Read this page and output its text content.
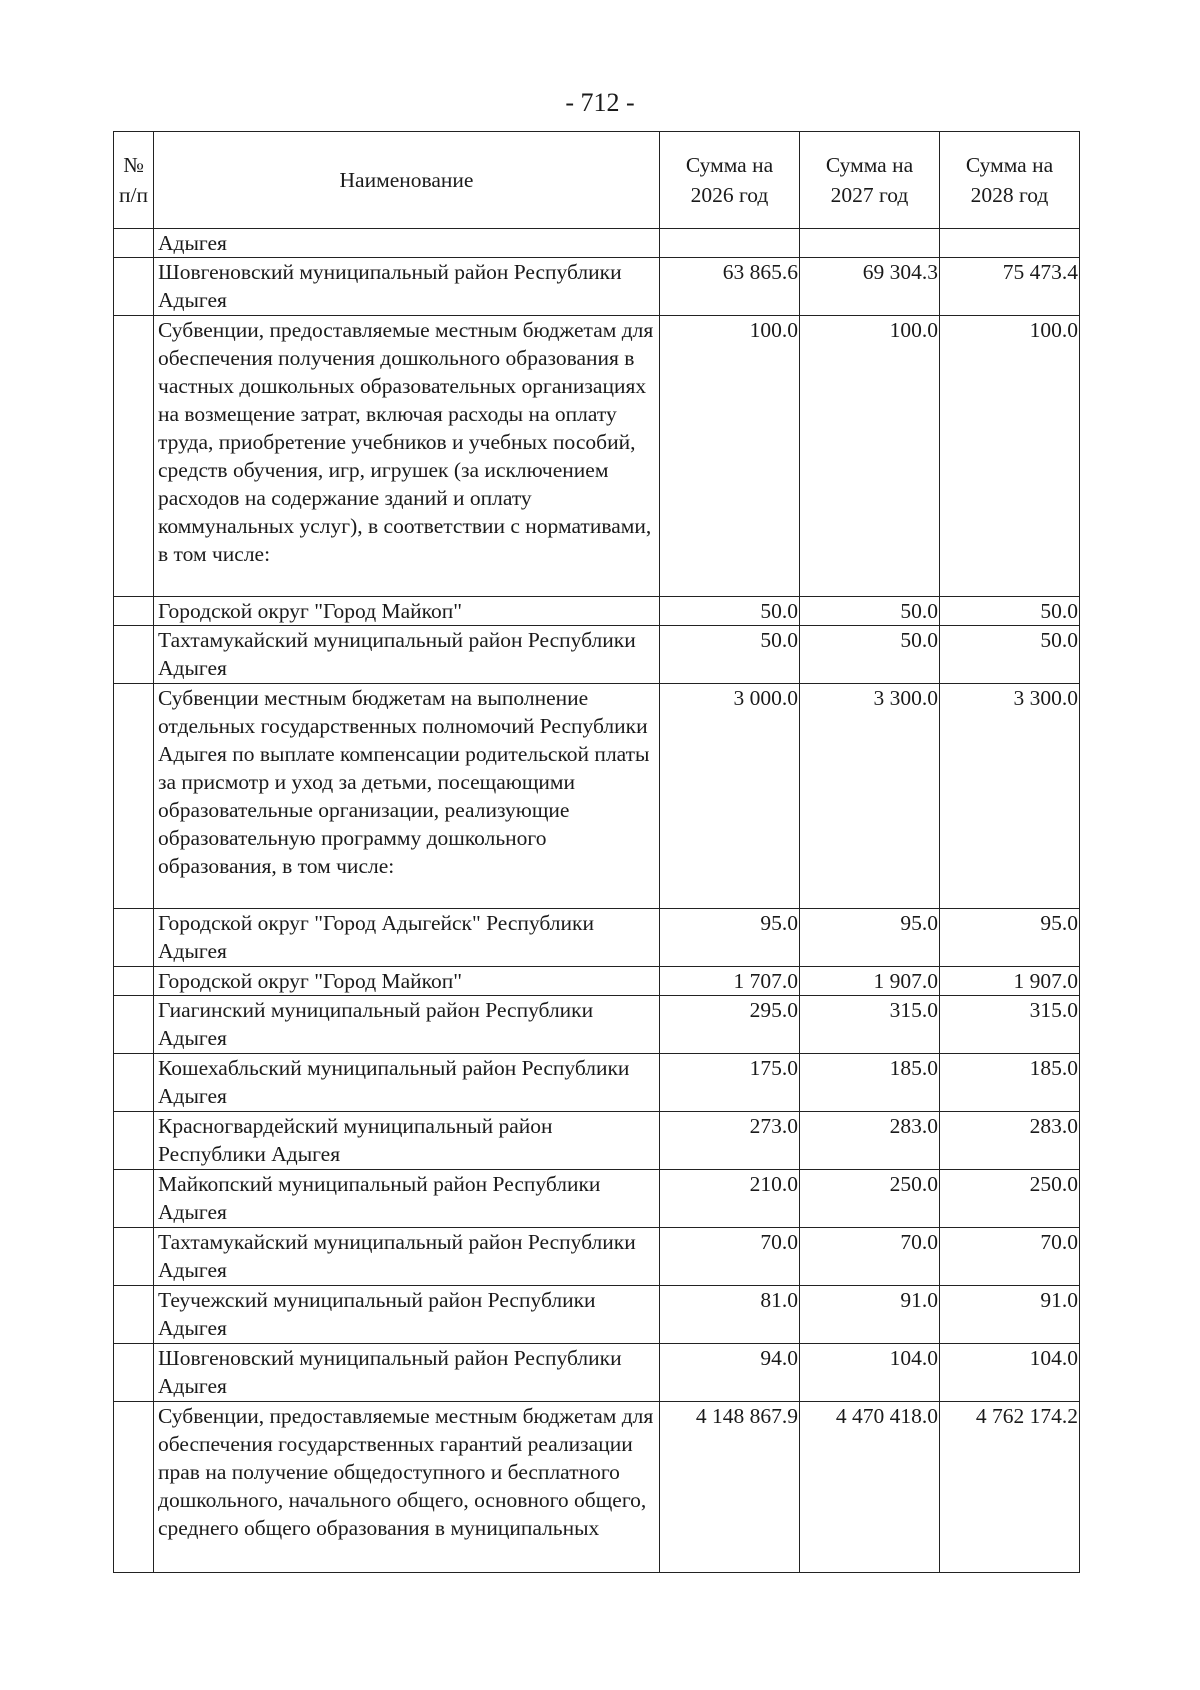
- 712 -
№ п/п	Наименование	Сумма на 2026 год	Сумма на 2027 год	Сумма на 2028 год
	Адыгея			
	Шовгеновский муниципальный район Республики Адыгея	63 865.6	69 304.3	75 473.4
	Субвенции, предоставляемые местным бюджетам для обеспечения получения дошкольного образования в частных дошкольных образовательных организациях на возмещение затрат, включая расходы на оплату труда, приобретение учебников и учебных пособий, средств обучения, игр, игрушек (за исключением расходов на содержание зданий и оплату коммунальных услуг), в соответствии с нормативами, в том числе:	100.0	100.0	100.0
	Городской округ "Город Майкоп"	50.0	50.0	50.0
	Тахтамукайский муниципальный район Республики Адыгея	50.0	50.0	50.0
	Субвенции местным бюджетам на выполнение отдельных государственных полномочий Республики Адыгея по выплате компенсации родительской платы за присмотр и уход за детьми, посещающими образовательные организации, реализующие образовательную программу дошкольного образования, в том числе:	3 000.0	3 300.0	3 300.0
	Городской округ "Город Адыгейск" Республики Адыгея	95.0	95.0	95.0
	Городской округ "Город Майкоп"	1 707.0	1 907.0	1 907.0
	Гиагинский муниципальный район Республики Адыгея	295.0	315.0	315.0
	Кошехабльский муниципальный район Республики Адыгея	175.0	185.0	185.0
	Красногвардейский муниципальный район Республики Адыгея	273.0	283.0	283.0
	Майкопский муниципальный район Республики Адыгея	210.0	250.0	250.0
	Тахтамукайский муниципальный район Республики Адыгея	70.0	70.0	70.0
	Теучежский муниципальный район Республики Адыгея	81.0	91.0	91.0
	Шовгеновский муниципальный район Республики Адыгея	94.0	104.0	104.0
	Субвенции, предоставляемые местным бюджетам для обеспечения государственных гарантий реализации прав на получение общедоступного и бесплатного дошкольного, начального общего, основного общего, среднего общего образования в муниципальных	4 148 867.9	4 470 418.0	4 762 174.2
